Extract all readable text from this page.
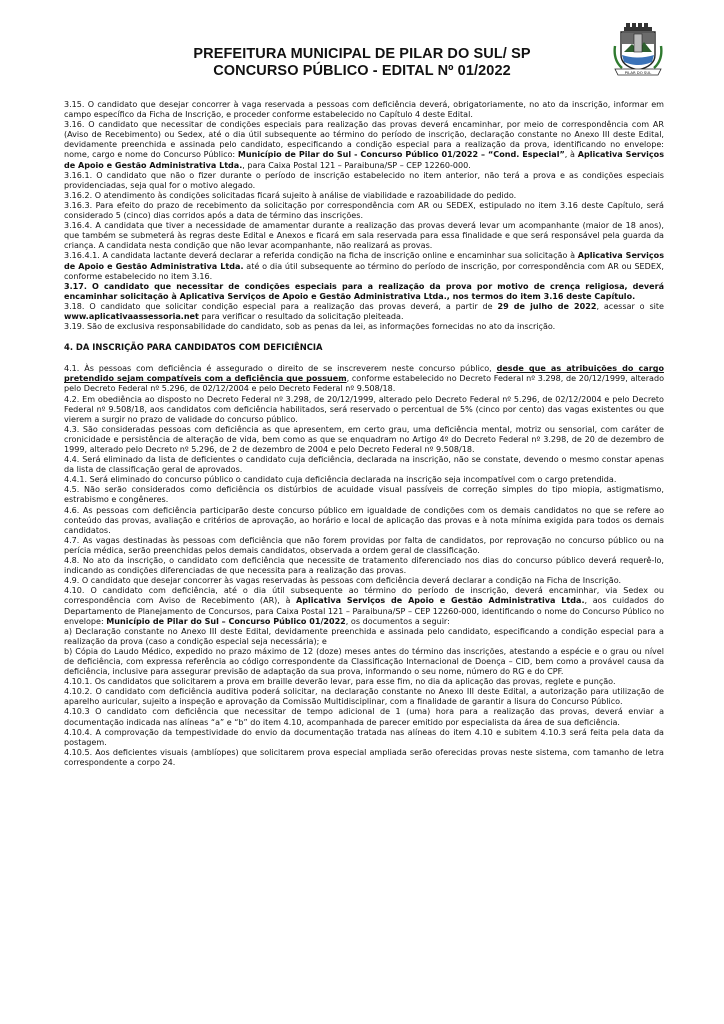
PREFEITURA MUNICIPAL DE PILAR DO SUL/ SP
CONCURSO PÚBLICO - EDITAL Nº 01/2022	PILAR DO SUL

3.15. O candidato que desejar concorrer à vaga reservada a pessoas com deficiência deverá, obrigatoriamente, no ato da inscrição, informar em campo específico da Ficha de Inscrição, e proceder conforme estabelecido no Capítulo 4 deste Edital.

3.16. O candidato que necessitar de condições especiais para realização das provas deverá encaminhar, por meio de correspondência com AR (Aviso de Recebimento) ou Sedex, até o dia útil subsequente ao término do período de inscrição, declaração constante no Anexo III deste Edital, devidamente preenchida e assinada pelo candidato, especificando a condição especial para a realização da prova, identificando no envelope: nome, cargo e nome do Concurso Público: Município de Pilar do Sul - Concurso Público 01/2022 – “Cond. Especial”, à Aplicativa Serviços de Apoio e Gestão Administrativa Ltda., para Caixa Postal 121 – Paraibuna/SP – CEP 12260-000.

3.16.1. O candidato que não o fizer durante o período de inscrição estabelecido no item anterior, não terá a prova e as condições especiais providenciadas, seja qual for o motivo alegado.

3.16.2. O atendimento às condições solicitadas ficará sujeito à análise de viabilidade e razoabilidade do pedido.

3.16.3. Para efeito do prazo de recebimento da solicitação por correspondência com AR ou SEDEX, estipulado no item 3.16 deste Capítulo, será considerado 5 (cinco) dias corridos após a data de término das inscrições.

3.16.4. A candidata que tiver a necessidade de amamentar durante a realização das provas deverá levar um acompanhante (maior de 18 anos), que também se submeterá às regras deste Edital e Anexos e ficará em sala reservada para essa finalidade e que será responsável pela guarda da criança. A candidata nesta condição que não levar acompanhante, não realizará as provas.

3.16.4.1. A candidata lactante deverá declarar a referida condição na ficha de inscrição online e encaminhar sua solicitação à Aplicativa Serviços de Apoio e Gestão Administrativa Ltda. até o dia útil subsequente ao término do período de inscrição, por correspondência com AR ou SEDEX, conforme estabelecido no item 3.16.

3.17. O candidato que necessitar de condições especiais para a realização da prova por motivo de crença religiosa, deverá encaminhar solicitação à Aplicativa Serviços de Apoio e Gestão Administrativa Ltda., nos termos do item 3.16 deste Capítulo.

3.18. O candidato que solicitar condição especial para a realização das provas deverá, a partir de 29 de julho de 2022, acessar o site www.aplicativaassessoria.net para verificar o resultado da solicitação pleiteada.

3.19. São de exclusiva responsabilidade do candidato, sob as penas da lei, as informações fornecidas no ato da inscrição.

4. DA INSCRIÇÃO PARA CANDIDATOS COM DEFICIÊNCIA

4.1. Às pessoas com deficiência é assegurado o direito de se inscreverem neste concurso público, desde que as atribuições do cargo pretendido sejam compatíveis com a deficiência que possuem, conforme estabelecido no Decreto Federal nº 3.298, de 20/12/1999, alterado pelo Decreto Federal nº 5.296, de 02/12/2004 e pelo Decreto Federal nº 9.508/18.

4.2. Em obediência ao disposto no Decreto Federal nº 3.298, de 20/12/1999, alterado pelo Decreto Federal nº 5.296, de 02/12/2004 e pelo Decreto Federal nº 9.508/18, aos candidatos com deficiência habilitados, será reservado o percentual de 5% (cinco por cento) das vagas existentes ou que vierem a surgir no prazo de validade do concurso público.

4.3. São consideradas pessoas com deficiência as que apresentem, em certo grau, uma deficiência mental, motriz ou sensorial, com caráter de cronicidade e persistência de alteração de vida, bem como as que se enquadram no Artigo 4º do Decreto Federal nº 3.298, de 20 de dezembro de 1999, alterado pelo Decreto nº 5.296, de 2 de dezembro de 2004 e pelo Decreto Federal nº 9.508/18.

4.4. Será eliminado da lista de deficientes o candidato cuja deficiência, declarada na inscrição, não se constate, devendo o mesmo constar apenas da lista de classificação geral de aprovados.

4.4.1. Será eliminado do concurso público o candidato cuja deficiência declarada na inscrição seja incompatível com o cargo pretendida.

4.5. Não serão considerados como deficiência os distúrbios de acuidade visual passíveis de correção simples do tipo miopia, astigmatismo, estrabismo e congêneres.

4.6. As pessoas com deficiência participarão deste concurso público em igualdade de condições com os demais candidatos no que se refere ao conteúdo das provas, avaliação e critérios de aprovação, ao horário e local de aplicação das provas e à nota mínima exigida para todos os demais candidatos.

4.7. As vagas destinadas às pessoas com deficiência que não forem providas por falta de candidatos, por reprovação no concurso público ou na perícia médica, serão preenchidas pelos demais candidatos, observada a ordem geral de classificação.

4.8. No ato da inscrição, o candidato com deficiência que necessite de tratamento diferenciado nos dias do concurso público deverá requerê-lo, indicando as condições diferenciadas de que necessita para a realização das provas.

4.9. O candidato que desejar concorrer às vagas reservadas às pessoas com deficiência deverá declarar a condição na Ficha de Inscrição.

4.10. O candidato com deficiência, até o dia útil subsequente ao término do período de inscrição, deverá encaminhar, via Sedex ou correspondência com Aviso de Recebimento (AR), à Aplicativa Serviços de Apoio e Gestão Administrativa Ltda., aos cuidados do Departamento de Planejamento de Concursos, para Caixa Postal 121 – Paraibuna/SP – CEP 12260-000, identificando o nome do Concurso Público no envelope: Município de Pilar do Sul – Concurso Público 01/2022, os documentos a seguir:

a) Declaração constante no Anexo III deste Edital, devidamente preenchida e assinada pelo candidato, especificando a condição especial para a realização da prova (caso a condição especial seja necessária); e

b) Cópia do Laudo Médico, expedido no prazo máximo de 12 (doze) meses antes do término das inscrições, atestando a espécie e o grau ou nível de deficiência, com expressa referência ao código correspondente da Classificação Internacional de Doença – CID, bem como a provável causa da deficiência, inclusive para assegurar previsão de adaptação da sua prova, informando o seu nome, número do RG e do CPF.

4.10.1. Os candidatos que solicitarem a prova em braille deverão levar, para esse fim, no dia da aplicação das provas, reglete e punção.

4.10.2. O candidato com deficiência auditiva poderá solicitar, na declaração constante no Anexo III deste Edital, a autorização para utilização de aparelho auricular, sujeito a inspeção e aprovação da Comissão Multidisciplinar, com a finalidade de garantir a lisura do Concurso Público.

4.10.3 O candidato com deficiência que necessitar de tempo adicional de 1 (uma) hora para a realização das provas, deverá enviar a documentação indicada nas alíneas “a” e “b” do item 4.10, acompanhada de parecer emitido por especialista da área de sua deficiência.

4.10.4. A comprovação da tempestividade do envio da documentação tratada nas alíneas do item 4.10 e subitem 4.10.3 será feita pela data da postagem.

4.10.5. Aos deficientes visuais (amblíopes) que solicitarem prova especial ampliada serão oferecidas provas neste sistema, com tamanho de letra correspondente a corpo 24.
